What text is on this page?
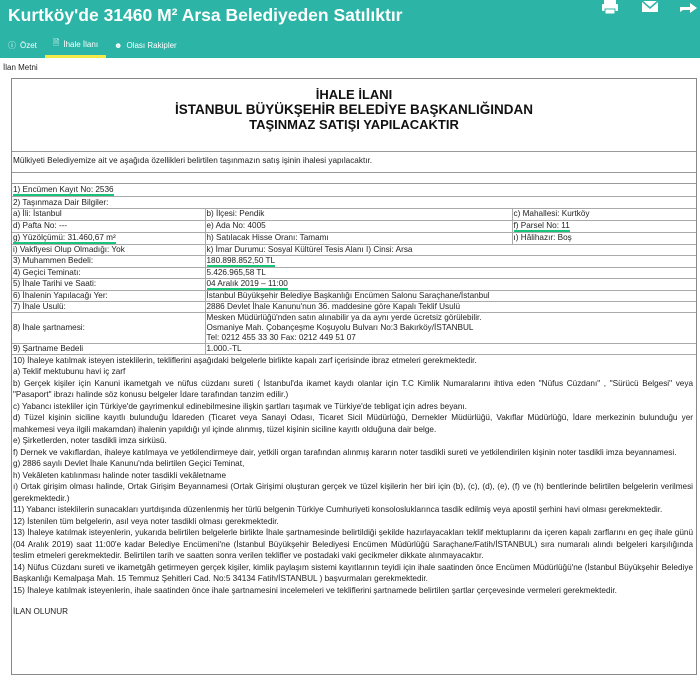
Kurtköy'de 31460 M² Arsa Belediyeden Satılıktır
ⓘ Özet 🗎 İhale İlanı ☻ Olası Rakipler
İlan Metni
İHALE İLANI
İSTANBUL BÜYÜKŞEHİR BELEDİYE BAŞKANLIĞINDAN
TAŞINMAZ SATIŞI YAPILACAKTIR
Mülkiyeti Belediyemize ait ve aşağıda özellikleri belirtilen taşınmazın satış işinin ihalesi yapılacaktır.
1) Encümen Kayıt No: 2536
2) Taşınmaza Dair Bilgiler:
a) İli: İstanbul	b) İlçesi: Pendik	c) Mahallesi: Kurtköy
d) Pafta No: ---	e) Ada No: 4005	f) Parsel No: 11
g) Yüzölçümü: 31.460,67 m²	h) Satılacak Hisse Oranı: Tamamı	ı) Hâlihazır: Boş
i) Vakfiyesi Olup Olmadığı: Yok	k) İmar Durumu: Sosyal Kültürel Tesis Alanı I) Cinsi: Arsa	
3) Muhammen Bedeli:	180.898.852,50 TL
4) Geçici Teminatı:	5.426.965,58 TL
5) İhale Tarihi ve Saati:	04 Aralık 2019 – 11:00
6) İhalenin Yapılacağı Yer:	İstanbul Büyükşehir Belediye Başkanlığı Encümen Salonu Saraçhane/İstanbul
7) İhale Usulü:	2886 Devlet İhale Kanunu'nun 36. maddesine göre Kapalı Teklif Usulü
8) İhale şartnamesi:	Mesken Müdürlüğü'nden satın alınabilir ya da aynı yerde ücretsiz görülebilir.
Osmaniye Mah. Çobançeşme Koşuyolu Bulvarı No:3 Bakırköy/İSTANBUL
Tel: 0212 455 33 30 Fax: 0212 449 51 07

9) Şartname Bedeli	1.000.-TL
10) İhaleye katılmak isteyen isteklilerin, tekliflerini aşağıdaki belgelerle birlikte kapalı zarf içerisinde ibraz etmeleri gerekmektedir.
a) Teklif mektubunu havi iç zarf
b) Gerçek kişiler için Kanuni ikametgah ve nüfus cüzdanı sureti ( İstanbul'da ikamet kaydı olanlar için T.C Kimlik Numaralarını ihtiva eden "Nüfus Cüzdanı" , "Sürücü Belgesi" veya "Pasaport" ibrazı halinde söz konusu belgeler İdare tarafından tanzim edilir.)
c) Yabancı istekliler için Türkiye'de gayrimenkul edinebilmesine ilişkin şartları taşımak ve Türkiye'de tebligat için adres beyanı.
d) Tüzel kişinin siciline kayıtlı bulunduğu İdareden (Ticaret veya Sanayi Odası, Ticaret Sicil Müdürlüğü, Dernekler Müdürlüğü, Vakıflar Müdürlüğü, İdare merkezinin bulunduğu yer mahkemesi veya ilgili makamdan) ihalenin yapıldığı yıl içinde alınmış, tüzel kişinin siciline kayıtlı olduğuna dair belge.
e) Şirketlerden, noter tasdikli imza sirküsü.
f) Dernek ve vakıflardan, ihaleye katılmaya ve yetkilendirmeye dair, yetkili organ tarafından alınmış kararın noter tasdikli sureti ve yetkilendirilen kişinin noter tasdikli imza beyannamesi.
g) 2886 sayılı Devlet İhale Kanunu'nda belirtilen Geçici Teminat,
h) Vekâleten katılınması halinde noter tasdikli vekâletname
ı) Ortak girişim olması halinde, Ortak Girişim Beyannamesi (Ortak Girişimi oluşturan gerçek ve tüzel kişilerin her biri için (b), (c), (d), (e), (f) ve (h) bentlerinde belirtilen belgelerin verilmesi gerekmektedir.)
11) Yabancı isteklilerin sunacakları yurtdışında düzenlenmiş her türlü belgenin Türkiye Cumhuriyeti konsolosluklarınca tasdik edilmiş veya apostil şerhini havi olması gerekmektedir.
12) İstenilen tüm belgelerin, asıl veya noter tasdikli olması gerekmektedir.
13) İhaleye katılmak isteyenlerin, yukarıda belirtilen belgelerle birlikte İhale şartnamesinde belirtildiği şekilde hazırlayacakları teklif mektuplarını da içeren kapalı zarflarını en geç ihale günü (04 Aralık 2019) saat 11:00'e kadar Belediye Encümeni'ne (İstanbul Büyükşehir Belediyesi Encümen Müdürlüğü Saraçhane/Fatih/İSTANBUL) sıra numaralı alındı belgeleri karşılığında teslim etmeleri gerekmektedir. Belirtilen tarih ve saatten sonra verilen teklifler ve postadaki vaki gecikmeler dikkate alınmayacaktır.
14) Nüfus Cüzdanı sureti ve ikametgâh getirmeyen gerçek kişiler, kimlik paylaşım sistemi kayıtlarının teyidi için ihale saatinden önce Encümen Müdürlüğü'ne (İstanbul Büyükşehir Belediye Başkanlığı Kemalpaşa Mah. 15 Temmuz Şehitleri Cad. No:5 34134 Fatih/İSTANBUL ) başvurmaları gerekmektedir.
15) İhaleye katılmak isteyenlerin, ihale saatinden önce ihale şartnamesini incelemeleri ve tekliflerini şartnamede belirtilen şartlar çerçevesinde vermeleri gerekmektedir.
İLAN OLUNUR
